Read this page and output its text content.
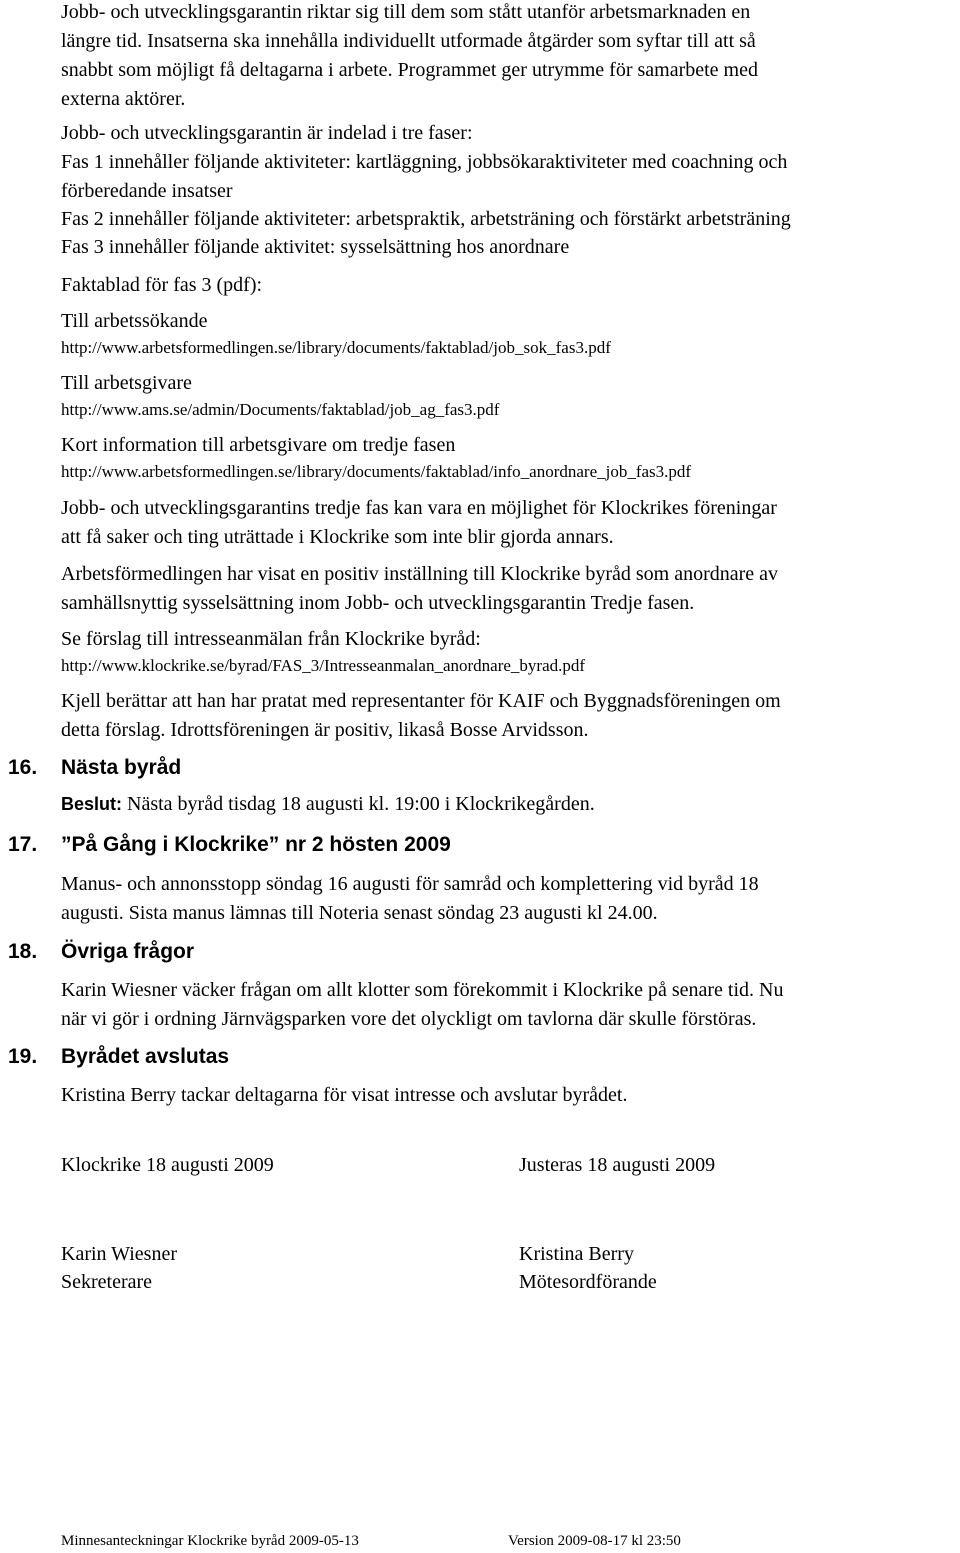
Jobb- och utvecklingsgarantin riktar sig till dem som stått utanför arbetsmarknaden en
längre tid. Insatserna ska innehålla individuellt utformade åtgärder som syftar till att så
snabbt som möjligt få deltagarna i arbete. Programmet ger utrymme för samarbete med
externa aktörer.
Jobb- och utvecklingsgarantin är indelad i tre faser:
Fas 1 innehåller följande aktiviteter: kartläggning, jobbsökaraktiviteter med coachning och
förberedande insatser
Fas 2 innehåller följande aktiviteter: arbetspraktik, arbetsträning och förstärkt arbetsträning
Fas 3 innehåller följande aktivitet: sysselsättning hos anordnare
Faktablad för fas 3 (pdf):
Till arbetssökande
http://www.arbetsformedlingen.se/library/documents/faktablad/job_sok_fas3.pdf
Till arbetsgivare
http://www.ams.se/admin/Documents/faktablad/job_ag_fas3.pdf
Kort information till arbetsgivare om tredje fasen
http://www.arbetsformedlingen.se/library/documents/faktablad/info_anordnare_job_fas3.pdf
Jobb- och utvecklingsgarantins tredje fas kan vara en möjlighet för Klockrikes föreningar
att få saker och ting uträttade i Klockrike som inte blir gjorda annars.
Arbetsförmedlingen har visat en positiv inställning till Klockrike byråd som anordnare av
samhällsnyttig sysselsättning inom Jobb- och utvecklingsgarantin Tredje fasen.
Se förslag till intresseanmälan från Klockrike byråd:
http://www.klockrike.se/byrad/FAS_3/Intresseanmalan_anordnare_byrad.pdf
Kjell berättar att han har pratat med representanter för KAIF och Byggnadsföreningen om
detta förslag. Idrottsföreningen är positiv, likaså Bosse Arvidsson.
16. Nästa byråd
Beslut: Nästa byråd tisdag 18 augusti kl. 19:00 i Klockrikegården.
17. ”På Gång i Klockrike” nr 2 hösten 2009
Manus- och annonsstopp söndag 16 augusti för samråd och komplettering vid byråd 18
augusti. Sista manus lämnas till Noteria senast söndag 23 augusti kl 24.00.
18. Övriga frågor
Karin Wiesner väcker frågan om allt klotter som förekommit i Klockrike på senare tid. Nu
när vi gör i ordning Järnvägsparken vore det olyckligt om tavlorna där skulle förstöras.
19. Byrådet avslutas
Kristina Berry tackar deltagarna för visat intresse och avslutar byrådet.
Klockrike 18 augusti 2009	Justeras 18 augusti 2009
Karin Wiesner
Sekreterare
Kristina Berry
Mötesordförande
Minnesanteckningar Klockrike byråd 2009-05-13	Version 2009-08-17 kl 23:50
